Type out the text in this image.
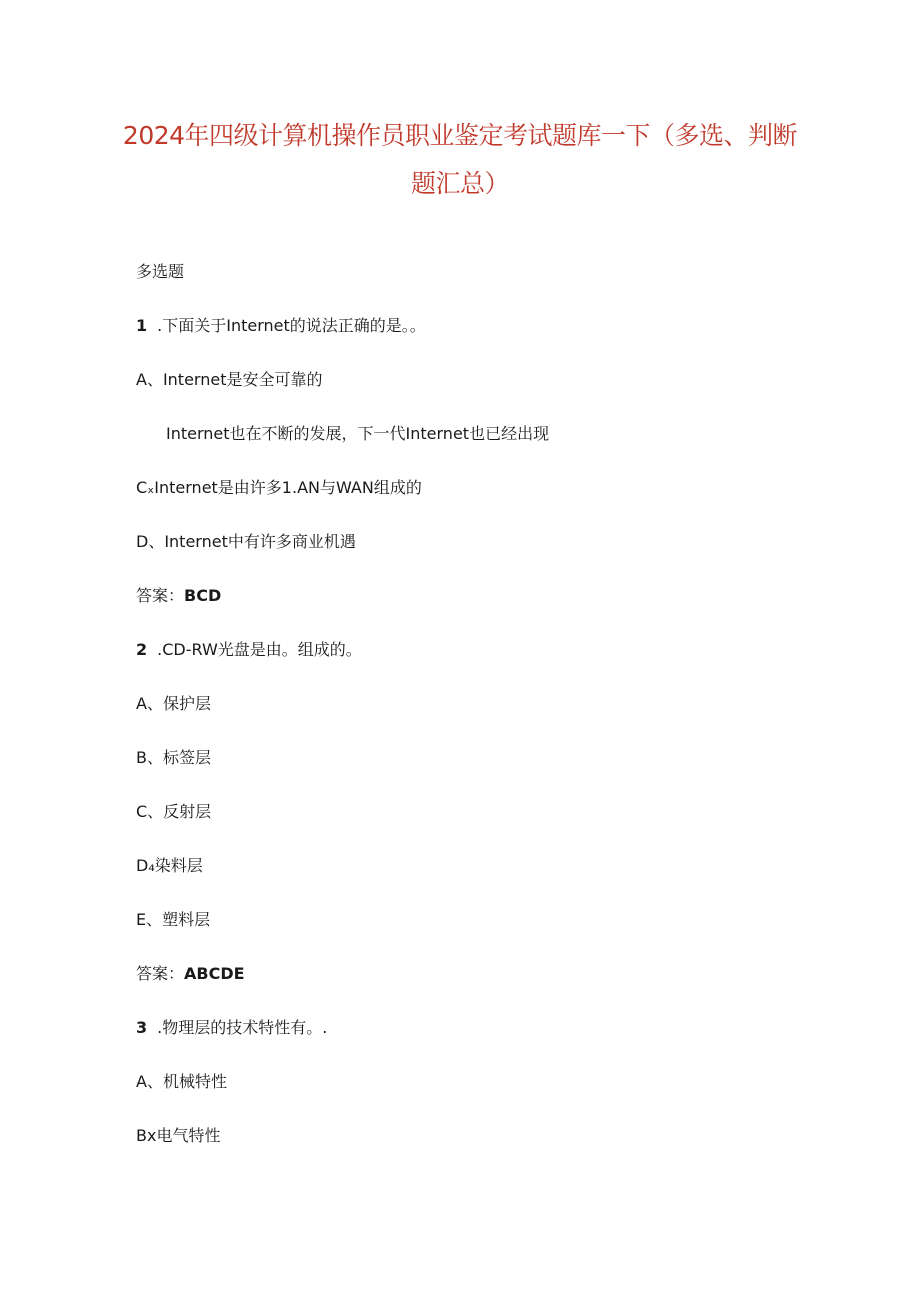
2024年四级计算机操作员职业鉴定考试题库一下（多选、判断
题汇总）
多选题
1 .下面关于Internet的说法正确的是。。
A、Internet是安全可靠的
Internet也在不断的发展，下一代Internet也已经出现
CₓInternet是由许多1.AN与WAN组成的
D、Internet中有许多商业机遇
答案：BCD
2 .CD-RW光盘是由。组成的。
A、保护层
B、标签层
C、反射层
D₄染料层
E、塑料层
答案：ABCDE
3 .物理层的技术特性有。.
A、机械特性
Bx电气特性
